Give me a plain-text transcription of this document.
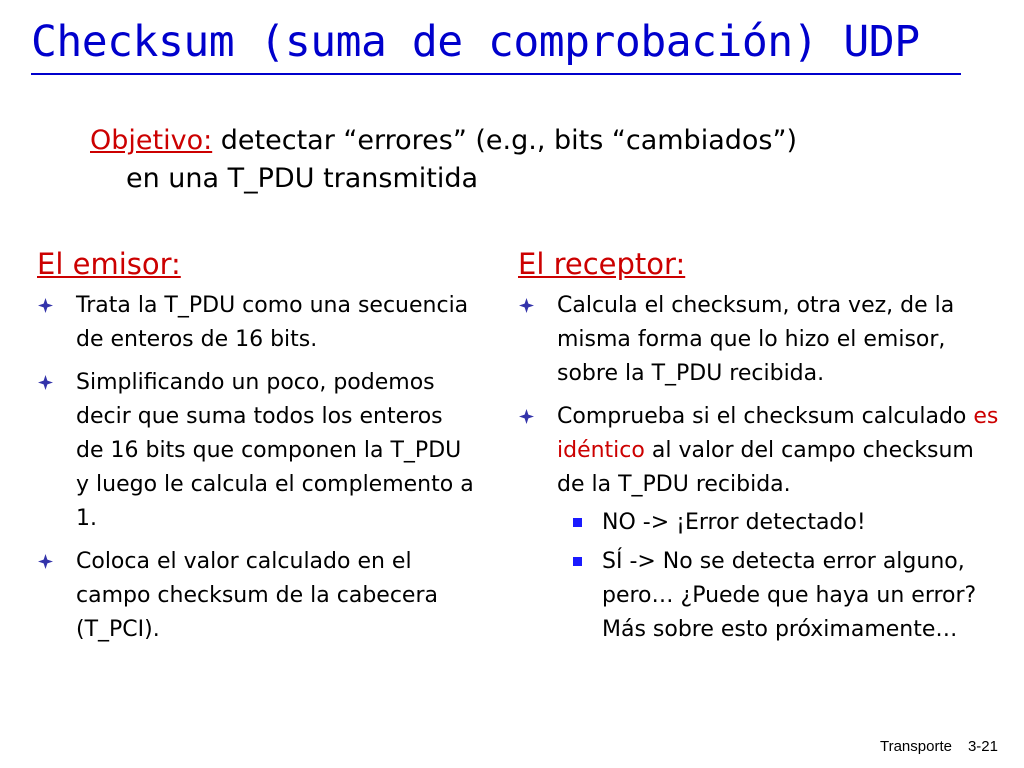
Checksum (suma de comprobación) UDP

Objetivo: detectar “errores” (e.g., bits “cambiados”)
en una T_PDU transmitida

El emisor:
Trata la T_PDU como una secuencia de enteros de 16 bits.
Simplificando un poco, podemos decir que suma todos los enteros de 16 bits que componen la T_PDU y luego le calcula el complemento a 1.
Coloca el valor calculado en el campo checksum de la cabecera (T_PCI).
El receptor:
Calcula el checksum, otra vez, de la misma forma que lo hizo el emisor, sobre la T_PDU recibida.
Comprueba si el checksum calculado es idéntico al valor del campo checksum de la T_PDU recibida.
NO -> ¡Error detectado!
SÍ -> No se detecta error alguno, pero… ¿Puede que haya un error? Más sobre esto próximamente…
Transporte 3-21
